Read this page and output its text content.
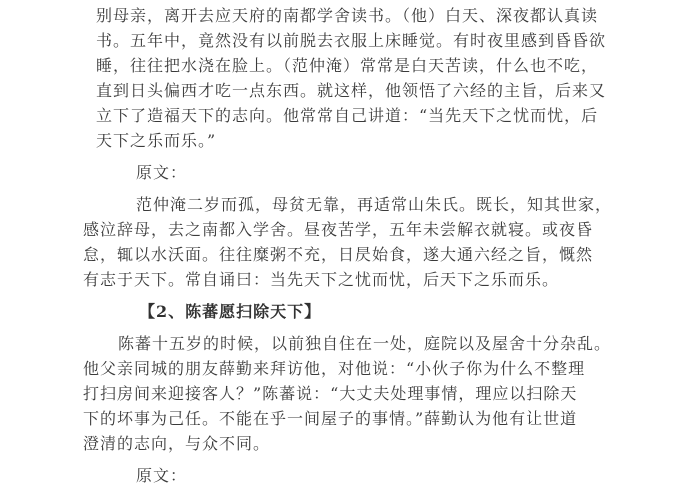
别母亲，离开去应天府的南都学舍读书。（他）白天、深夜都认真读
书。五年中，竟然没有以前脱去衣服上床睡觉。有时夜里感到昏昏欲
睡，往往把水浇在脸上。（范仲淹）常常是白天苦读，什么也不吃，
直到日头偏西才吃一点东西。就这样，他领悟了六经的主旨，后来又
立下了造福天下的志向。他常常自己讲道：“当先天下之忧而忧，后
天下之乐而乐。”
原文：
范仲淹二岁而孤，母贫无靠，再适常山朱氏。既长，知其世家，
感泣辞母，去之南都入学舍。昼夜苦学，五年未尝解衣就寝。或夜昏
怠，辄以水沃面。往往糜粥不充，日昃始食，遂大通六经之旨，慨然
有志于天下。常自诵曰：当先天下之忧而忧，后天下之乐而乐。
【2、陈蕃愿扫除天下】
陈蕃十五岁的时候，以前独自住在一处，庭院以及屋舍十分杂乱。
他父亲同城的朋友薛勤来拜访他，对他说：“小伙子你为什么不整理
打扫房间来迎接客人？”陈蕃说：“大丈夫处理事情，理应以扫除天
下的坏事为己任。不能在乎一间屋子的事情。”薛勤认为他有让世道
澄清的志向，与众不同。
原文：
